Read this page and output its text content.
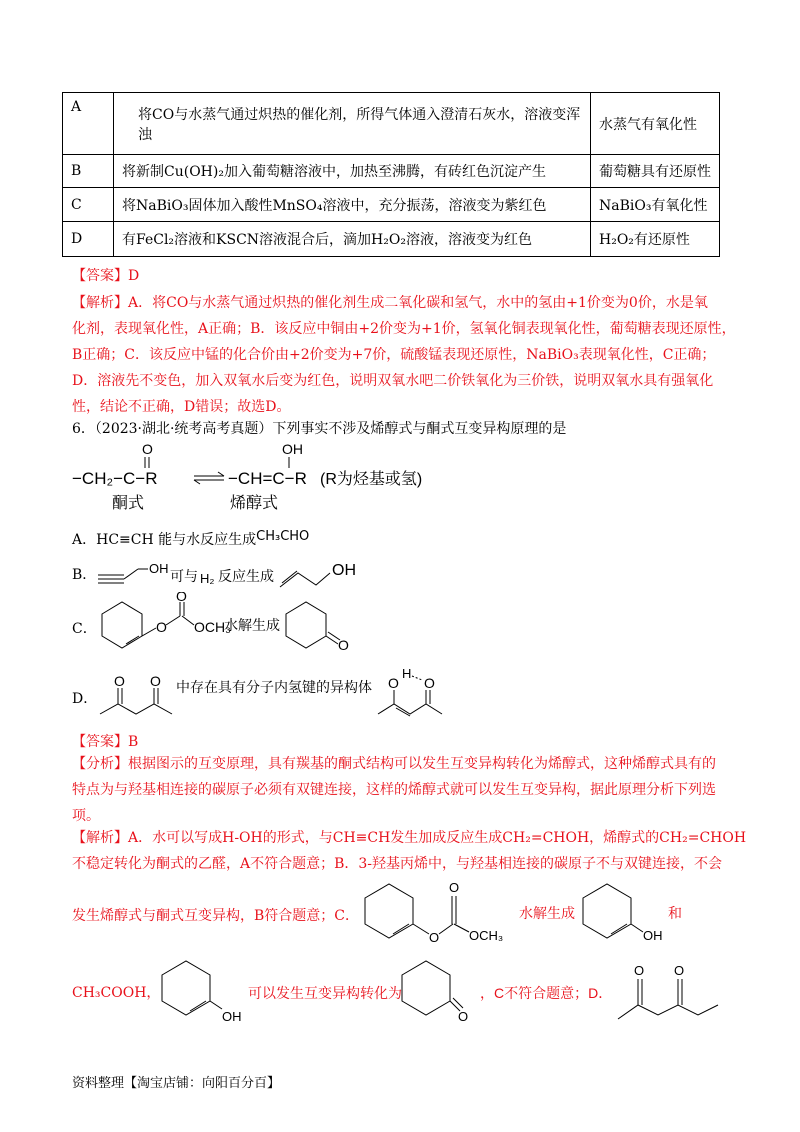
A	将CO与水蒸气通过炽热的催化剂，所得气体通入澄清石灰水，溶液变浑浊	水蒸气有氧化性
B	将新制Cu(OH)₂加入葡萄糖溶液中，加热至沸腾，有砖红色沉淀产生	葡萄糖具有还原性
C	将NaBiO₃固体加入酸性MnSO₄溶液中，充分振荡，溶液变为紫红色	NaBiO₃有氧化性
D	有FeCl₂溶液和KSCN溶液混合后，滴加H₂O₂溶液，溶液变为红色	H₂O₂有还原性
【答案】D
【解析】A．将CO与水蒸气通过炽热的催化剂生成二氧化碳和氢气，水中的氢由+1价变为0价，水是氧
化剂，表现氧化性，A正确；B．该反应中铜由+2价变为+1价，氢氧化铜表现氧化性，葡萄糖表现还原性，
B正确；C．该反应中锰的化合价由+2价变为+7价，硫酸锰表现还原性，NaBiO₃表现氧化性，C正确；
D．溶液先不变色，加入双氧水后变为红色，说明双氧水吧二价铁氧化为三价铁，说明双氧水具有强氧化
性，结论不正确，D错误；故选D。
6．（2023·湖北·统考高考真题）下列事实不涉及烯醇式与酮式互变异构原理的是
O
−CH₂−C−R
OH
−CH=C−R (R为烃基或氢)
酮式	烯醇式
A．HC≡CH 能与水反应生成CH₃CHO
B．	OH 可与 H₂ 反应生成	OH
C．	O
O
OCH₃
水解生成
O
D．
O O 中存在具有分子内氢键的异构体 O
H
O
【答案】B
【分析】根据图示的互变原理，具有羰基的酮式结构可以发生互变异构转化为烯醇式，这种烯醇式具有的
特点为与羟基相连接的碳原子必须有双键连接，这样的烯醇式就可以发生互变异构，据此原理分析下列选
项。
【解析】A．水可以写成H-OH的形式，与CH≡CH发生加成反应生成CH₂=CHOH，烯醇式的CH₂=CHOH
不稳定转化为酮式的乙醛，A不符合题意；B．3-羟基丙烯中，与羟基相连接的碳原子不与双键连接，不会
发生烯醇式与酮式互变异构，B符合题意；C．
O
O
OCH₃
水解生成
OH
和
CH₃COOH，
OH
可以发生互变异构转化为
O
，C不符合题意；D．
O O
资料整理【淘宝店铺：向阳百分百】
